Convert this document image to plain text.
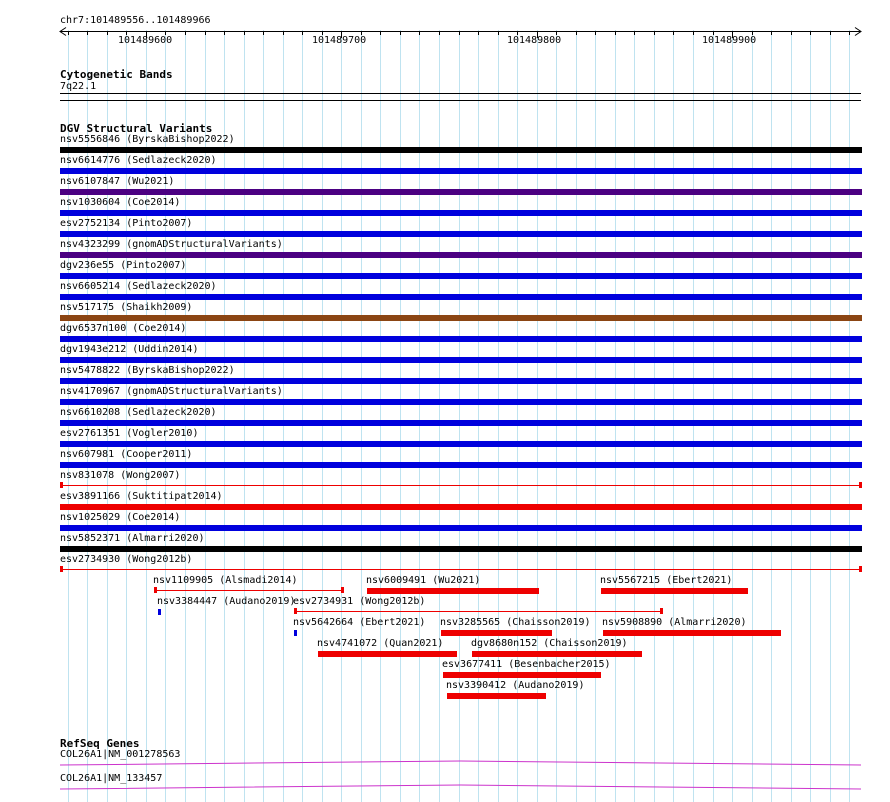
chr7:101489556..101489966
101489600	101489700	101489800	101489900
Cytogenetic Bands
7q22.1
DGV Structural Variants
nsv5556846 (ByrskaBishop2022)
nsv6614776 (Sedlazeck2020)
nsv6107847 (Wu2021)
nsv1030604 (Coe2014)
esv2752134 (Pinto2007)
nsv4323299 (gnomADStructuralVariants)
dgv236e55 (Pinto2007)
nsv6605214 (Sedlazeck2020)
nsv517175 (Shaikh2009)
dgv6537n100 (Coe2014)
dgv1943e212 (Uddin2014)
nsv5478822 (ByrskaBishop2022)
nsv4170967 (gnomADStructuralVariants)
nsv6610208 (Sedlazeck2020)
esv2761351 (Vogler2010)
nsv607981 (Cooper2011)
nsv831078 (Wong2007)
esv3891166 (Suktitipat2014)
nsv1025029 (Coe2014)
nsv5852371 (Almarri2020)
esv2734930 (Wong2012b)
nsv1109905 (Alsmadi2014)	nsv6009491 (Wu2021)	nsv5567215 (Ebert2021)
nsv3384447 (Audano2019)
esv2734931 (Wong2012b)
nsv5642664 (Ebert2021) nsv3285565 (Chaisson2019) nsv5908890 (Almarri2020)
nsv4741072 (Quan2021)	dgv8680n152 (Chaisson2019)
esv3677411 (Besenbacher2015)
nsv3390412 (Audano2019)
RefSeq Genes
COL26A1|NM_001278563
COL26A1|NM_133457
